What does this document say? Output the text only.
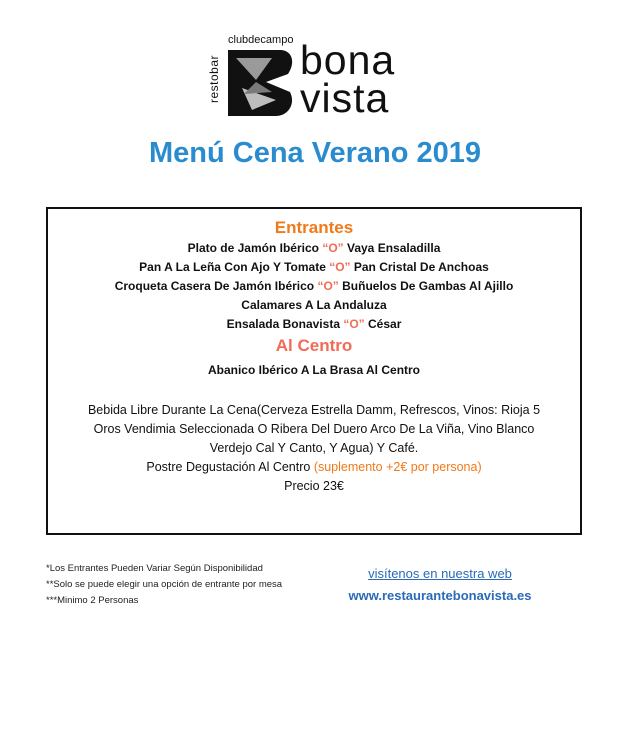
restobar
clubdecampo bona
vista
Menú Cena Verano 2019
Entrantes
Plato de Jamón Ibérico “O” Vaya Ensaladilla
Pan A La Leña Con Ajo Y Tomate “O” Pan Cristal De Anchoas
Croqueta Casera De Jamón Ibérico “O” Buñuelos De Gambas Al Ajillo
Calamares A La Andaluza
Ensalada Bonavista “O” César
Al Centro
Abanico Ibérico A La Brasa Al Centro
Bebida Libre Durante La Cena(Cerveza Estrella Damm, Refrescos, Vinos: Rioja 5
Oros Vendimia Seleccionada O Ribera Del Duero Arco De La Viña, Vino Blanco
Verdejo Cal Y Canto, Y Agua) Y Café.
Postre Degustación Al Centro (suplemento +2€ por persona)
Precio 23€
*Los Entrantes Pueden Variar Según Disponibilidad
**Solo se puede elegir una opción de entrante por mesa
***Minimo 2 Personas
visítenos en nuestra web
www.restaurantebonavista.es
